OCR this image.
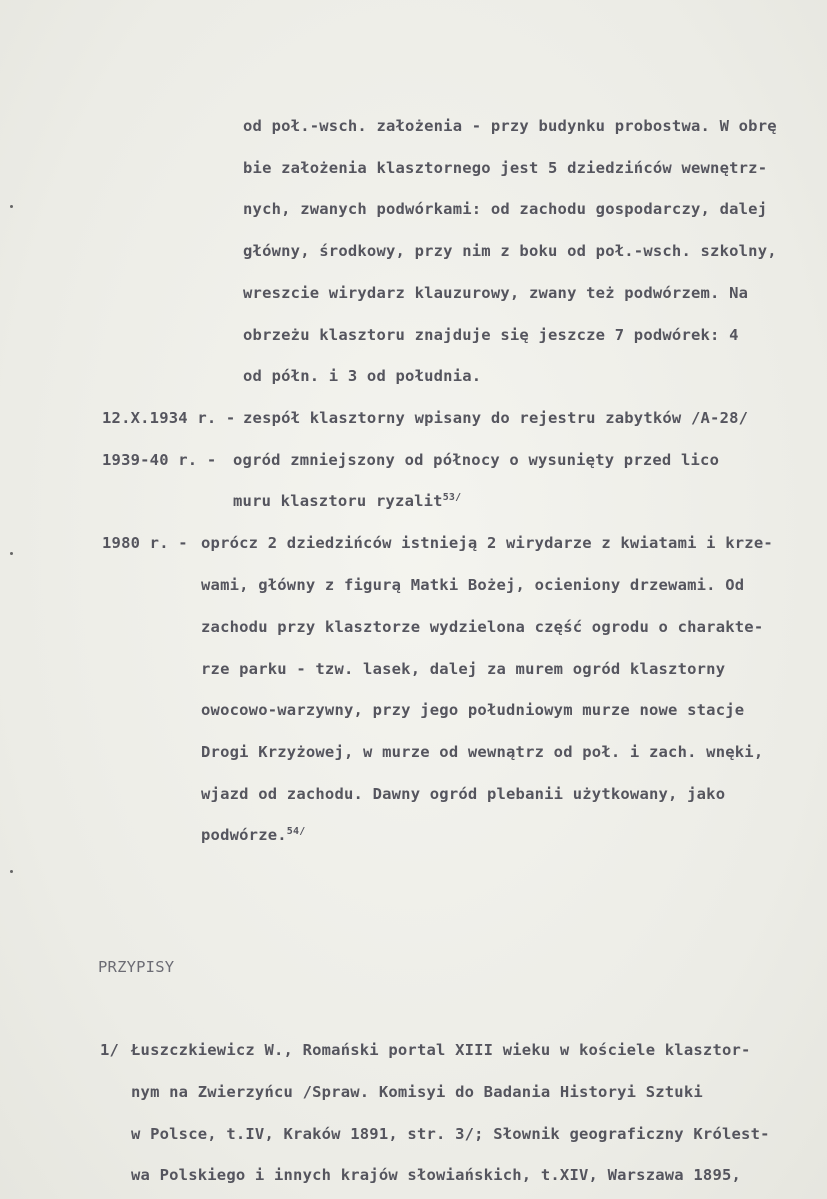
od poł.-wsch. założenia - przy budynku probostwa. W obrę
bie założenia klasztornego jest 5 dziedzińców wewnętrz-
nych, zwanych podwórkami: od zachodu gospodarczy, dalej
główny, środkowy, przy nim z boku od poł.-wsch. szkolny,
wreszcie wirydarz klauzurowy, zwany też podwórzem. Na
obrzeżu klasztoru znajduje się jeszcze 7 podwórek: 4
od półn. i 3 od południa.
12.X.1934 r. - zespół klasztorny wpisany do rejestru zabytków /A-28/
1939-40 r. - ogród zmniejszony od północy o wysunięty przed lico
muru klasztoru ryzalit$^{53/}$
1980 r. - oprócz 2 dziedzińców istnieją 2 wirydarze z kwiatami i krze-
wami, główny z figurą Matki Bożej, ocieniony drzewami. Od
zachodu przy klasztorze wydzielona część ogrodu o charakte-
rze parku - tzw. lasek, dalej za murem ogród klasztorny
owocowo-warzywny, przy jego południowym murze nowe stacje
Drogi Krzyżowej, w murze od wewnątrz od poł. i zach. wnęki,
wjazd od zachodu. Dawny ogród plebanii użytkowany, jako
podwórze.$^{54/}$
PRZYPISY
1/ Łuszczkiewicz W., Romański portal XIII wieku w kościele klasztor-
nym na Zwierzyńcu /Spraw. Komisyi do Badania Historyi Sztuki
w Polsce, t.IV, Kraków 1891, str. 3/; Słownik geograficzny Królest-
wa Polskiego i innych krajów słowiańskich, t.XIV, Warszawa 1895,
